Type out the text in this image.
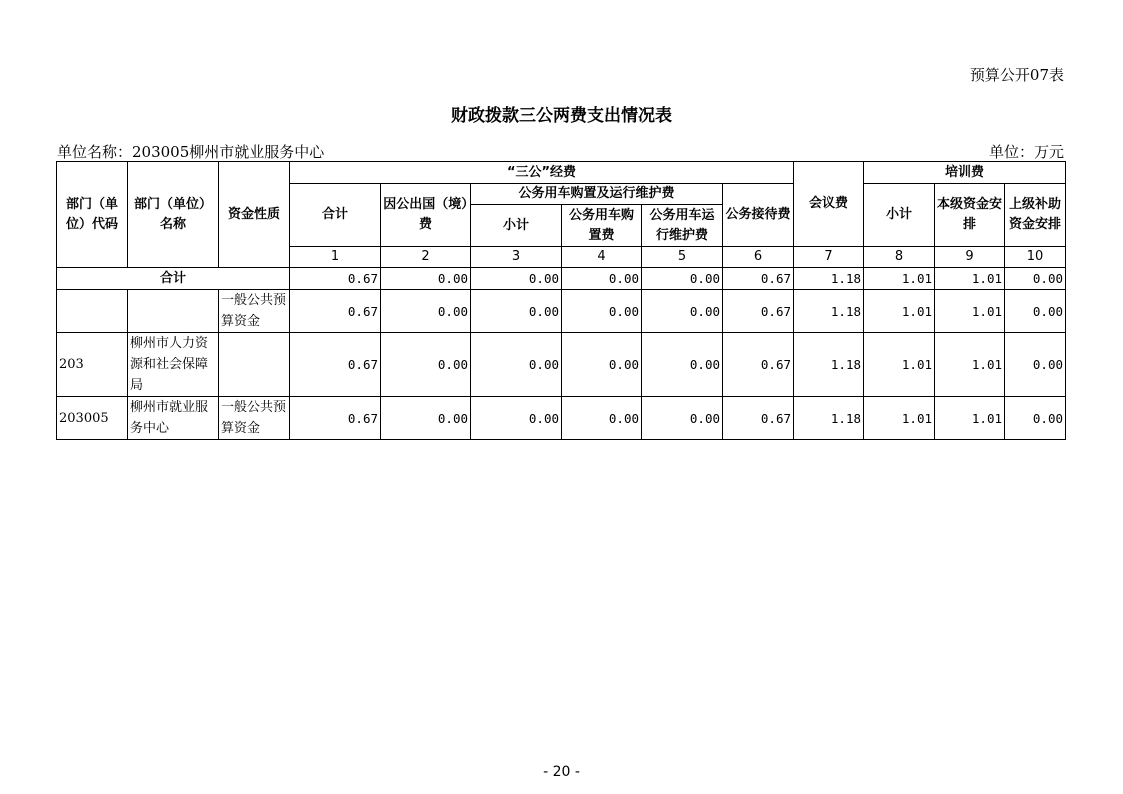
预算公开07表
财政拨款三公两费支出情况表
单位名称：203005柳州市就业服务中心	单位：万元
部门（单位）代码	部门（单位）名称	资金性质	“三公”经费						会议费	培训费		
			合计	因公出国（境）费	公务用车购置及运行维护费			公务接待费		小计	本级资金安排	上级补助资金安排
					小计	公务用车购置费	公务用车运行维护费					
			1	2	3	4	5	6	7	8	9	10
合计			0.67	0.00	0.00	0.00	0.00	0.67	1.18	1.01	1.01	0.00
		一般公共预算资金	0.67	0.00	0.00	0.00	0.00	0.67	1.18	1.01	1.01	0.00
203	柳州市人力资源和社会保障局		0.67	0.00	0.00	0.00	0.00	0.67	1.18	1.01	1.01	0.00
203005	柳州市就业服务中心	一般公共预算资金	0.67	0.00	0.00	0.00	0.00	0.67	1.18	1.01	1.01	0.00
- 20 -
